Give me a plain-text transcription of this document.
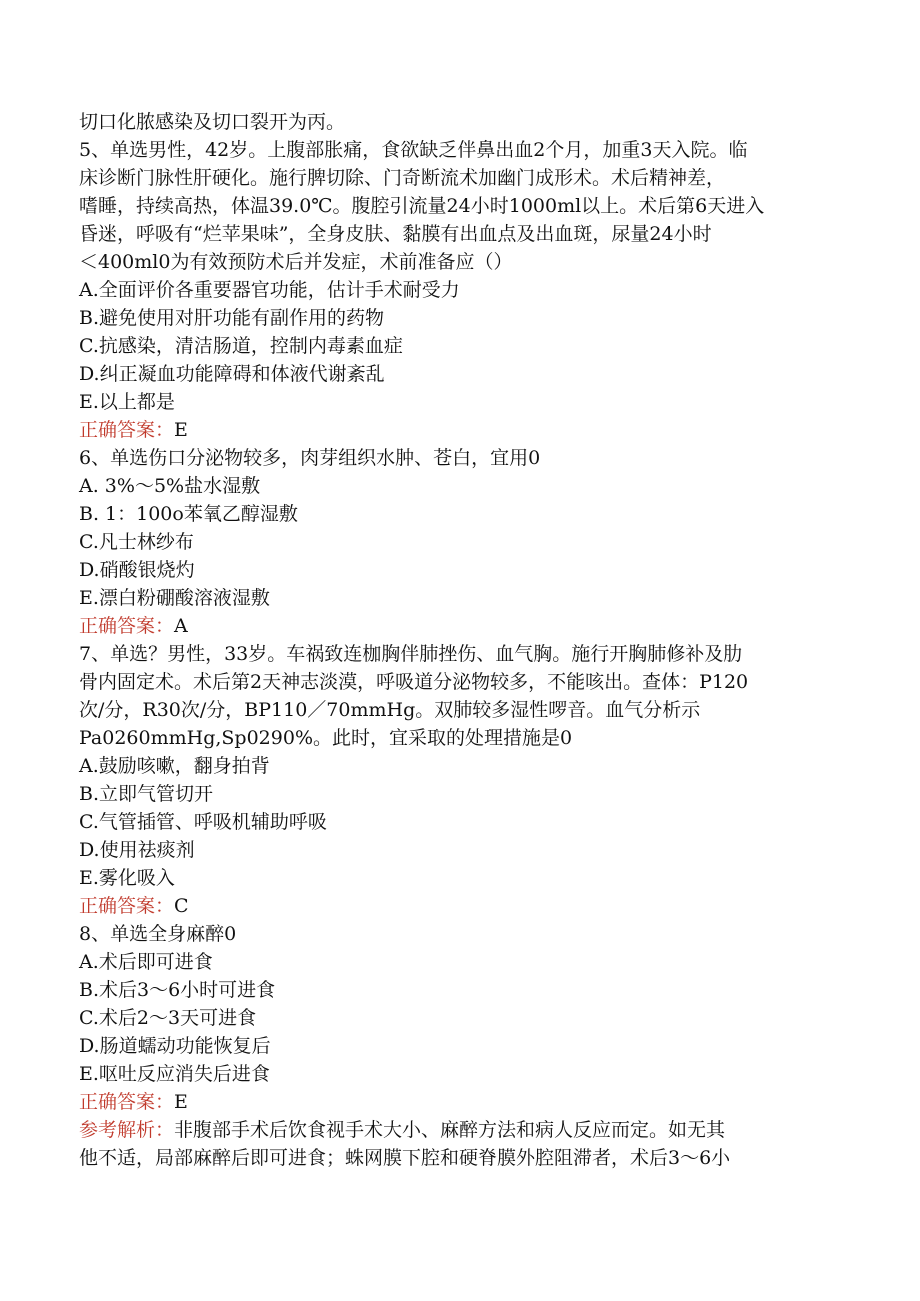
切口化脓感染及切口裂开为丙。
5、单选男性，42岁。上腹部胀痛，食欲缺乏伴鼻出血2个月，加重3天入院。临
床诊断门脉性肝硬化。施行脾切除、门奇断流术加幽门成形术。术后精神差，
嗜睡，持续高热，体温39.0℃。腹腔引流量24小时1000ml以上。术后第6天进入
昏迷，呼吸有“烂苹果味”，全身皮肤、黏膜有出血点及出血斑，尿量24小时
＜400ml0为有效预防术后并发症，术前准备应（）
A.全面评价各重要器官功能，估计手术耐受力
B.避免使用对肝功能有副作用的药物
C.抗感染，清洁肠道，控制内毒素血症
D.纠正凝血功能障碍和体液代谢紊乱
E.以上都是
正确答案：E
6、单选伤口分泌物较多，肉芽组织水肿、苍白，宜用0
A. 3%～5%盐水湿敷
B. 1：100o苯氧乙醇湿敷
C.凡士林纱布
D.硝酸银烧灼
E.漂白粉硼酸溶液湿敷
正确答案：A
7、单选？男性，33岁。车祸致连枷胸伴肺挫伤、血气胸。施行开胸肺修补及肋
骨内固定术。术后第2天神志淡漠，呼吸道分泌物较多，不能咳出。查体：P120
次/分，R30次/分，BP110／70mmHg。双肺较多湿性啰音。血气分析示
Pa0260mmHg,Sp0290%。此时，宜采取的处理措施是0
A.鼓励咳嗽，翻身拍背
B.立即气管切开
C.气管插管、呼吸机辅助呼吸
D.使用祛痰剂
E.雾化吸入
正确答案：C
8、单选全身麻醉0
A.术后即可进食
B.术后3～6小时可进食
C.术后2～3天可进食
D.肠道蠕动功能恢复后
E.呕吐反应消失后进食
正确答案：E
参考解析：非腹部手术后饮食视手术大小、麻醉方法和病人反应而定。如无其
他不适，局部麻醉后即可进食；蛛网膜下腔和硬脊膜外腔阻滞者，术后3～6小
